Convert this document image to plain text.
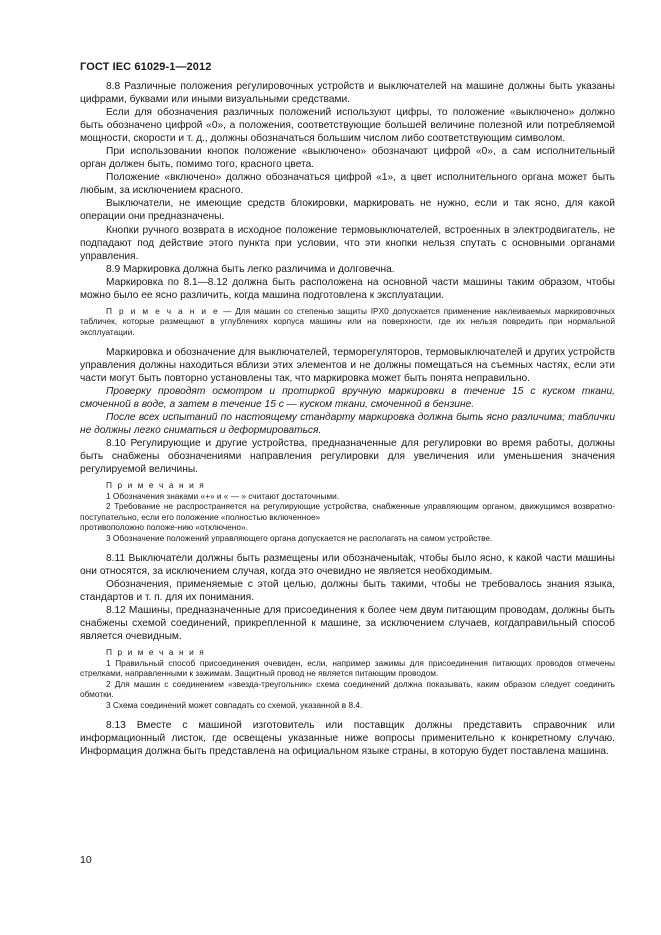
ГОСТ IEC 61029-1—2012

8.8 Различные положения регулировочных устройств и выключателей на машине должны быть указаны цифрами, буквами или иными визуальными средствами.

Если для обозначения различных положений используют цифры, то положение «выключено» должно быть обозначено цифрой «0», а положения, соответствующие большей величине полезной или потребляемой мощности, скорости и т. д., должны обозначаться большим числом либо соответствующим символом.

При использовании кнопок положение «выключено» обозначают цифрой «0», а сам исполнительный орган должен быть, помимо того, красного цвета.

Положение «включено» должно обозначаться цифрой «1», а цвет исполнительного органа может быть любым, за исключением красного.

Выключатели, не имеющие средств блокировки, маркировать не нужно, если и так ясно, для какой операции они предназначены.

Кнопки ручного возврата в исходное положение термовыключателей, встроенных в электродвигатель, не подпадают под действие этого пункта при условии, что эти кнопки нельзя спутать с основными органами управления.

8.9 Маркировка должна быть легко различима и долговечна.

Маркировка по 8.1—8.12 должна быть расположена на основной части машины таким образом, чтобы можно было ее ясно различить, когда машина подготовлена к эксплуатации.

П р и м е ч а н и е — Для машин со степенью защиты IPX0 допускается применение наклеиваемых маркировочных табличек, которые размещают в углублениях корпуса машины или на поверхности, где их нельзя повредить при нормальной эксплуатации.

Маркировка и обозначение для выключателей, терморегуляторов, термовыключателей и других устройств управления должны находиться вблизи этих элементов и не должны помещаться на съемных частях, если эти части могут быть повторно установлены так, что маркировка может быть понята неправильно.

Проверку проводят осмотром и протиркой вручную маркировки в течение 15 с куском ткани, смоченной в воде, а затем в течение 15 с — куском ткани, смоченной в бензине.

После всех испытаний по настоящему стандарту маркировка должна быть ясно различима; таблички не должны легко сниматься и деформироваться.

8.10 Регулирующие и другие устройства, предназначенные для регулировки во время работы, должны быть снабжены обозначениями направления регулировки для увеличения или уменьшения значения регулируемой величины.

П р и м е ч а н и я

1 Обозначения знаками «+» и « — » считают достаточными.

2 Требование не распространяется на регулирующие устройства, снабженные управляющим органом, движущимся возвратно-поступательно, если его положение «полностью включенное»

противоположно положе-нию «отключено».

3 Обозначение положений управляющего органа допускается не располагать на самом устройстве.

8.11 Выключатели должны быть размещены или обозначеныtak, чтобы было ясно, к какой части машины они относятся, за исключением случая, когда это очевидно не является необходимым.

Обозначения, применяемые с этой целью, должны быть такими, чтобы не требовалось знания языка, стандартов и т. п. для их понимания.

8.12 Машины, предназначенные для присоединения к более чем двум питающим проводам, должны быть снабжены схемой соединений, прикрепленной к машине, за исключением случаев, когдаправильный способ является очевидным.

П р и м е ч а н и я

1 Правильный способ присоединения очевиден, если, например зажимы для присоединения питающих проводов отмечены стрелками, направленными к зажимам. Защитный провод не является питающим проводом.

2 Для машин с соединением «звезда-треугольник» схема соединений должна показывать, каким образом следует соединить обмотки.

3 Схема соединений может совпадать со схемой, указанной в 8.4.

8.13 Вместе с машиной изготовитель или поставщик должны представить справочник или информационный листок, где освещены указанные ниже вопросы применительно к конкретному случаю. Информация должна быть представлена на официальном языке страны, в которую будет поставлена машина.

10
